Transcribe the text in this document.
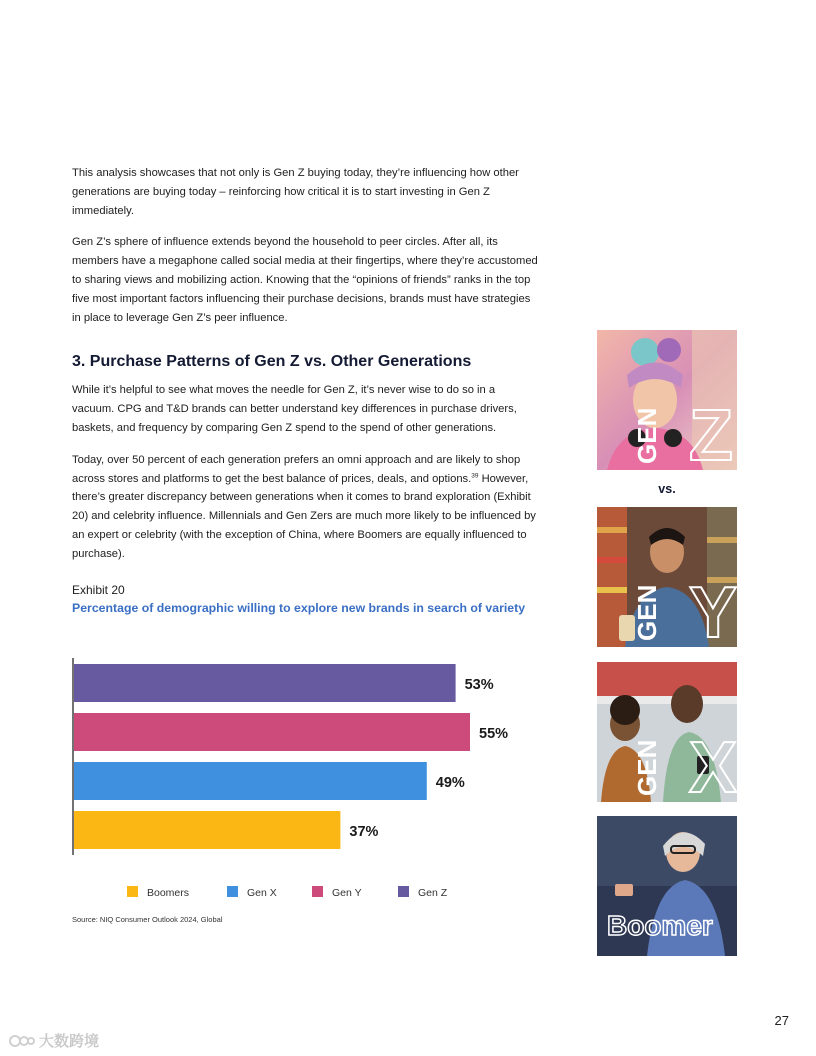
This analysis showcases that not only is Gen Z buying today, they’re influencing how other generations are buying today – reinforcing how critical it is to start investing in Gen Z immediately.

Gen Z’s sphere of influence extends beyond the household to peer circles. After all, its members have a megaphone called social media at their fingertips, where they’re accustomed to sharing views and mobilizing action. Knowing that the “opinions of friends” ranks in the top five most important factors influencing their purchase decisions, brands must have strategies in place to leverage Gen Z’s peer influence.

3. Purchase Patterns of Gen Z vs. Other Generations

While it’s helpful to see what moves the needle for Gen Z, it’s never wise to do so in a vacuum. CPG and T&D brands can better understand key differences in purchase drivers, baskets, and frequency by comparing Gen Z spend to the spend of other generations.

Today, over 50 percent of each generation prefers an omni approach and are likely to shop across stores and platforms to get the best balance of prices, deals, and options.$^{39}$ However, there’s greater discrepancy between generations when it comes to brand exploration (Exhibit 20) and celebrity influence. Millennials and Gen Zers are much more likely to be influenced by an expert or celebrity (with the exception of China, where Boomers are equally influenced to purchase).

Exhibit 20
Percentage of demographic willing to explore new brands in search of variety
53%
55%
49%
37%
Boomers	Gen X	Gen Y	Gen Z
Source: NIQ Consumer Outlook 2024, Global
GEN Z
vs.
GEN Y
GEN X
Boomer
27
大数跨境
